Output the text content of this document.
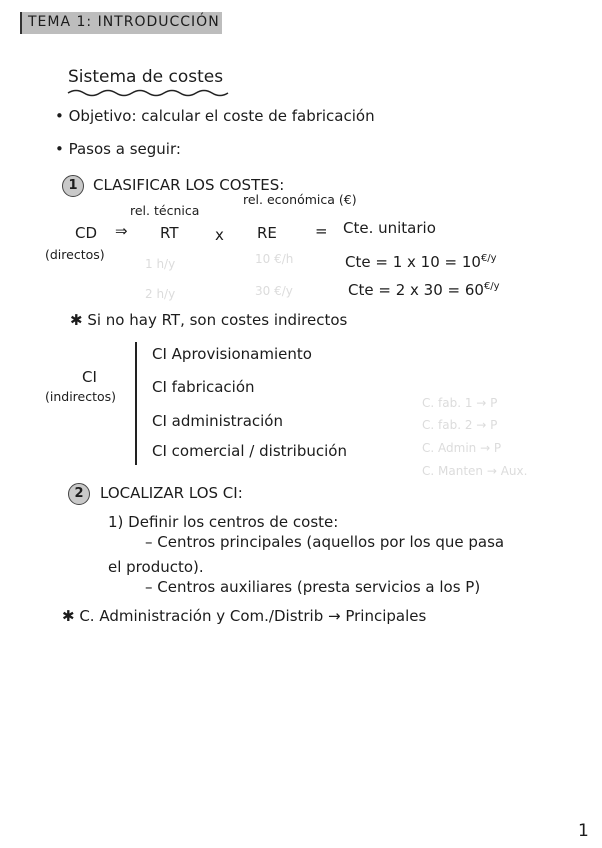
TEMA 1: INTRODUCCIÓN
Sistema de costes
• Objetivo: calcular el coste de fabricación
• Pasos a seguir:
1	CLASIFICAR LOS COSTES:
rel. técnica
rel. económica (€)
CD ⇒ RT x RE	= Cte. unitario
(directos)
1 h/y	10 €/h
2 h/y	30 €/y
Cte = 1 x $10 = 10^{€/y}$
Cte = 2 x $30 = 60^{€/y}$
✱ Si no hay RT, son costes indirectos
CI
(indirectos)
CI Aprovisionamiento
CI fabricación
CI administración
CI comercial / distribución
C. fab. 1 → P
C. fab. 2 → P
C. Admin → P
C. Manten → Aux.
2	LOCALIZAR LOS CI:
1) Definir los centros de coste:
– Centros principales (aquellos por los que pasa
el producto).
– Centros auxiliares (presta servicios a los P)
✱ C. Administración y Com./Distrib → Principales
1
